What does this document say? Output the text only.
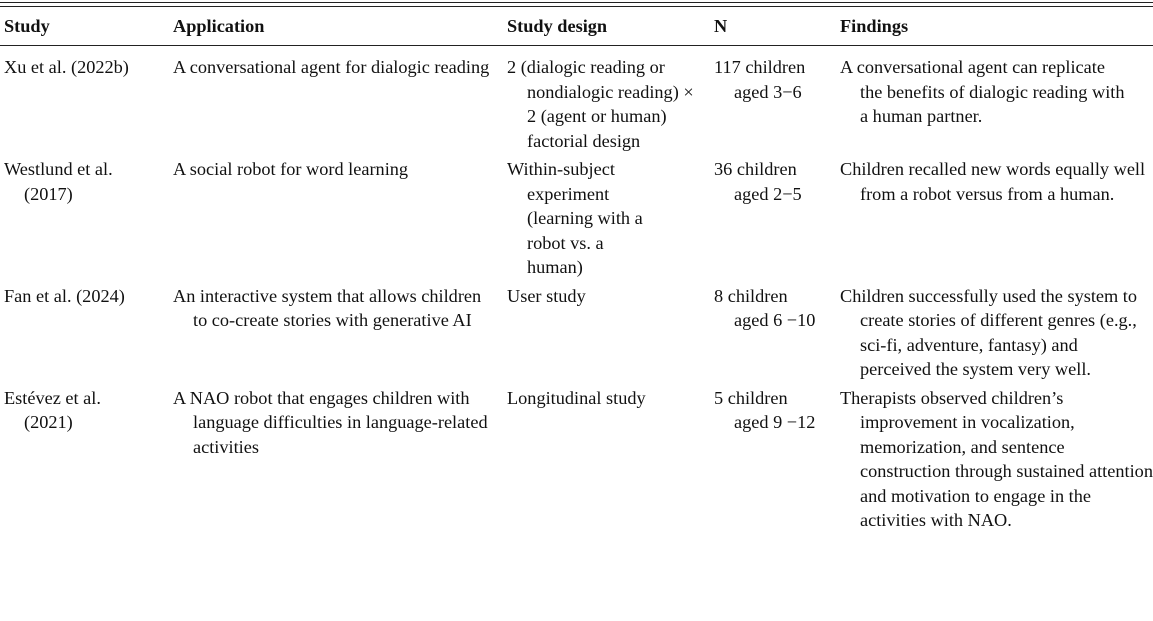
Study	Application	Study design	N	Findings
Xu et al. (2022b)	A conversational agent for dialogic reading	2 (dialogic reading or nondialogic reading) × 2 (agent or human) factorial design	117 children aged 3−6	A conversational agent can replicate the benefits of dialogic reading with a human partner.
Westlund et al. (2017)	A social robot for word learning	Within-subject experiment (learning with a robot vs. a human)	36 children aged 2−5	Children recalled new words equally well from a robot versus from a human.
Fan et al. (2024)	An interactive system that allows children to co-create stories with generative AI	User study	8 children aged 6 −10	Children successfully used the system to create stories of different genres (e.g., sci-fi, adventure, fantasy) and perceived the system very well.
Estévez et al. (2021)	A NAO robot that engages children with language difficulties in language-related activities	Longitudinal study	5 children aged 9 −12	Therapists observed children’s improvement in vocalization, memorization, and sentence construction through sustained attention and motivation to engage in the activities with NAO.
